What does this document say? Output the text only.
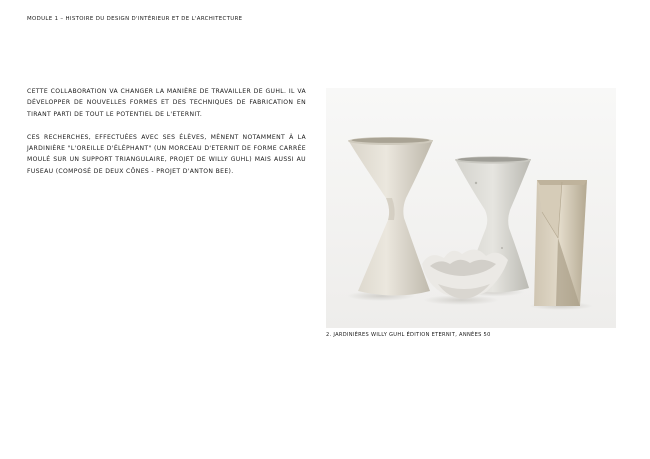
MODULE 1 – HISTOIRE DU DESIGN D'INTÉRIEUR ET DE L'ARCHITECTURE

CETTE COLLABORATION VA CHANGER LA MANIÈRE DE TRAVAILLER DE GUHL. IL VA DÉVELOPPER DE NOUVELLES FORMES ET DES TECHNIQUES DE FABRICATION EN TIRANT PARTI DE TOUT LE POTENTIEL DE L'ETERNIT.

CES RECHERCHES, EFFECTUÉES AVEC SES ÉLÈVES, MÈNENT NOTAMMENT À LA JARDINIÈRE "L'OREILLE D'ÉLÉPHANT" (UN MORCEAU D'ETERNIT DE FORME CARRÉE MOULÉ SUR UN SUPPORT TRIANGULAIRE, PROJET DE WILLY GUHL) MAIS AUSSI AU FUSEAU (COMPOSÉ DE DEUX CÔNES - PROJET D'ANTON BEE).

2. JARDINIÈRES WILLY GUHL ÉDITION ETERNIT, ANNÉES 50
